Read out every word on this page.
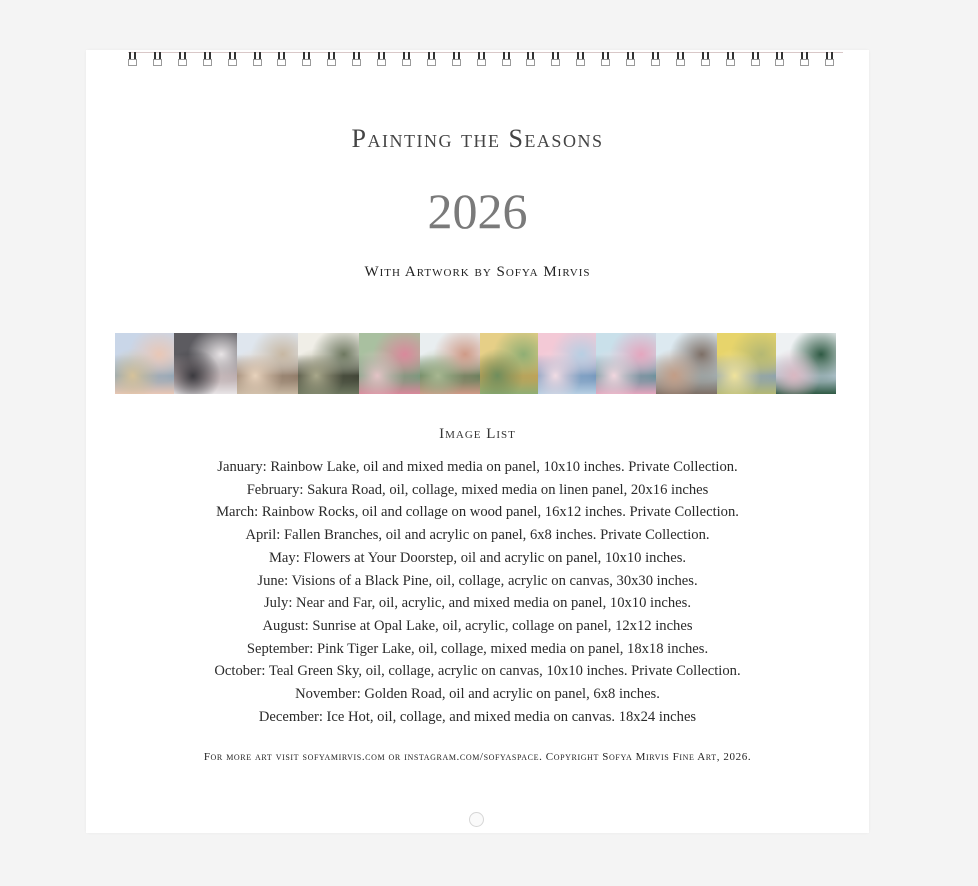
Painting the Seasons
2026
With Artwork by Sofya Mirvis
Image List
January: Rainbow Lake, oil and mixed media on panel, 10x10 inches. Private Collection.
February: Sakura Road, oil, collage, mixed media on linen panel, 20x16 inches
March: Rainbow Rocks, oil and collage on wood panel, 16x12 inches. Private Collection.
April: Fallen Branches, oil and acrylic on panel, 6x8 inches. Private Collection.
May: Flowers at Your Doorstep, oil and acrylic on panel, 10x10 inches.
June: Visions of a Black Pine, oil, collage, acrylic on canvas, 30x30 inches.
July: Near and Far, oil, acrylic, and mixed media on panel, 10x10 inches.
August: Sunrise at Opal Lake, oil, acrylic, collage on panel, 12x12 inches
September: Pink Tiger Lake, oil, collage, mixed media on panel, 18x18 inches.
October: Teal Green Sky, oil, collage, acrylic on canvas, 10x10 inches. Private Collection.
November: Golden Road, oil and acrylic on panel, 6x8 inches.
December: Ice Hot, oil, collage, and mixed media on canvas. 18x24 inches
For more art visit sofyamirvis.com or instagram.com/sofyaspace. Copyright Sofya Mirvis Fine Art, 2026.
